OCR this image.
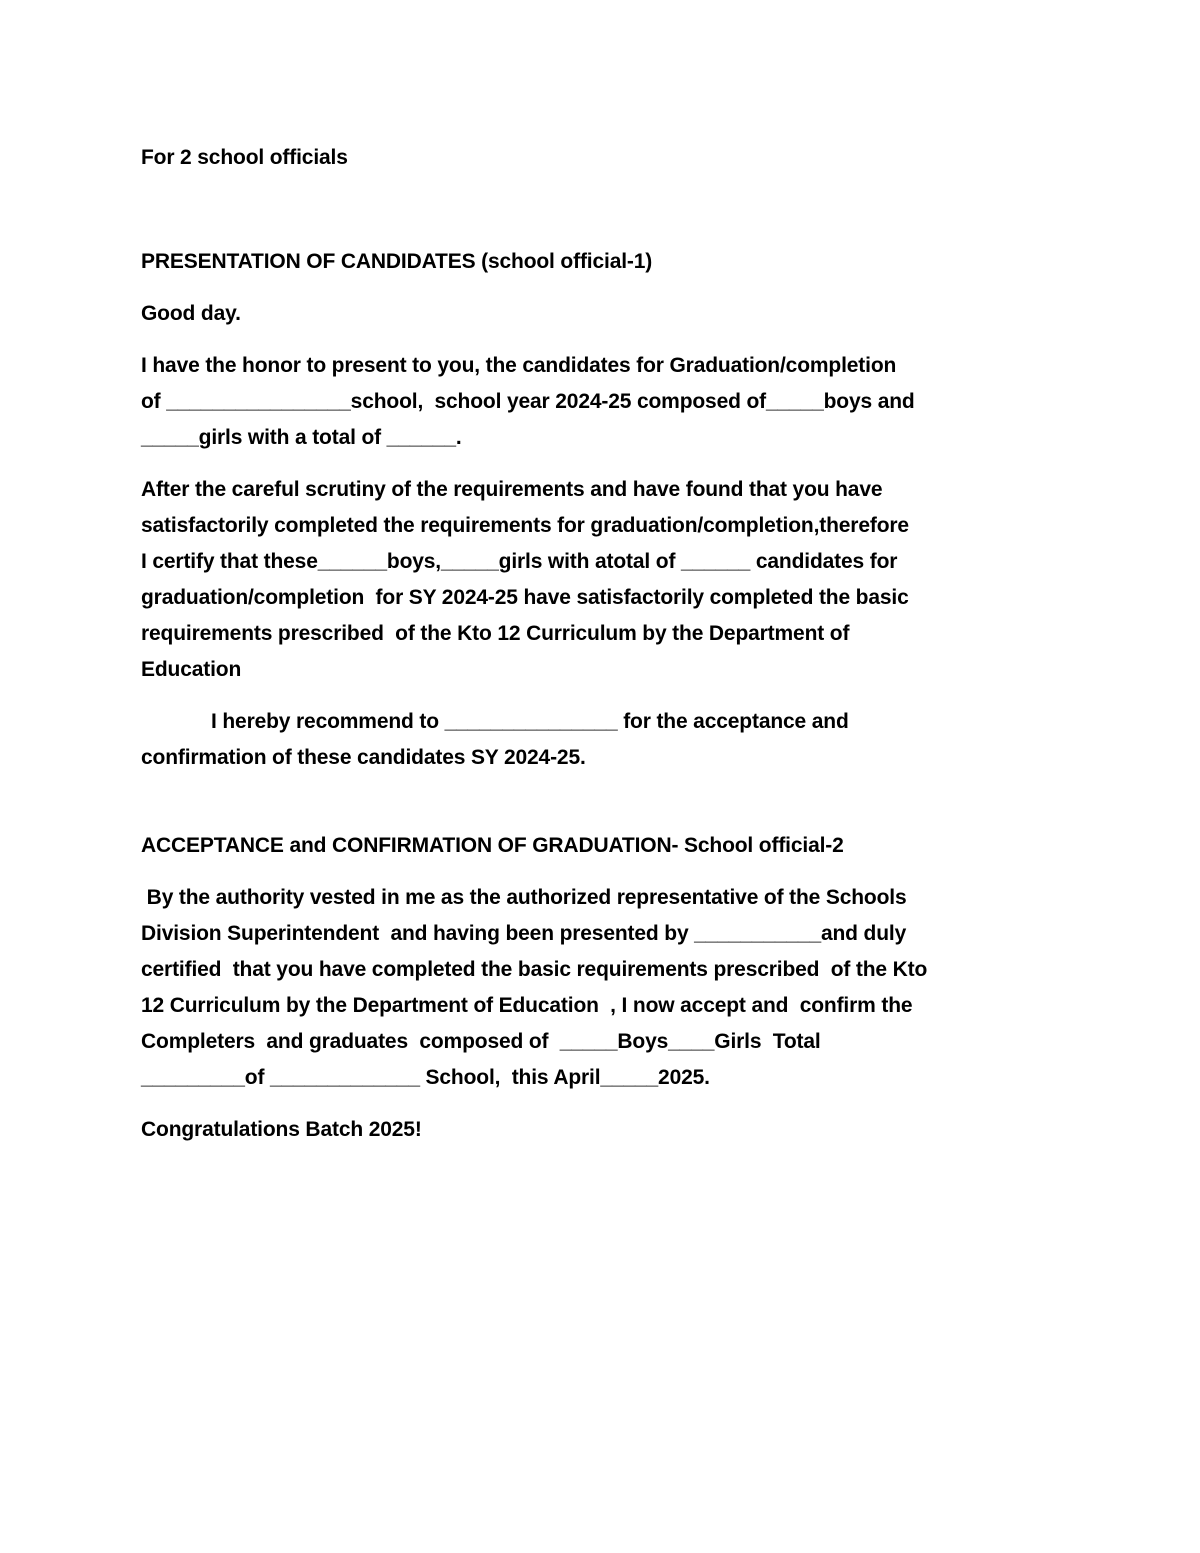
For 2 school officials

PRESENTATION OF CANDIDATES (school official-1)

Good day.

I have the honor to present to you, the candidates for Graduation/completion
of ________________school,  school year 2024-25 composed of_____boys and
_____girls with a total of ______.

After the careful scrutiny of the requirements and have found that you have
satisfactorily completed the requirements for graduation/completion,therefore
I certify that these______boys,_____girls with atotal of ______ candidates for
graduation/completion  for SY 2024-25 have satisfactorily completed the basic
requirements prescribed  of the Kto 12 Curriculum by the Department of
Education

I hereby recommend to _______________ for the acceptance and
confirmation of these candidates SY 2024-25.

ACCEPTANCE and CONFIRMATION OF GRADUATION- School official-2

By the authority vested in me as the authorized representative of the Schools
Division Superintendent  and having been presented by ___________and duly
certified  that you have completed the basic requirements prescribed  of the Kto
12 Curriculum by the Department of Education  , I now accept and  confirm the
Completers  and graduates  composed of  _____Boys____Girls  Total
_________of _____________ School,  this April_____2025.

Congratulations Batch 2025!
